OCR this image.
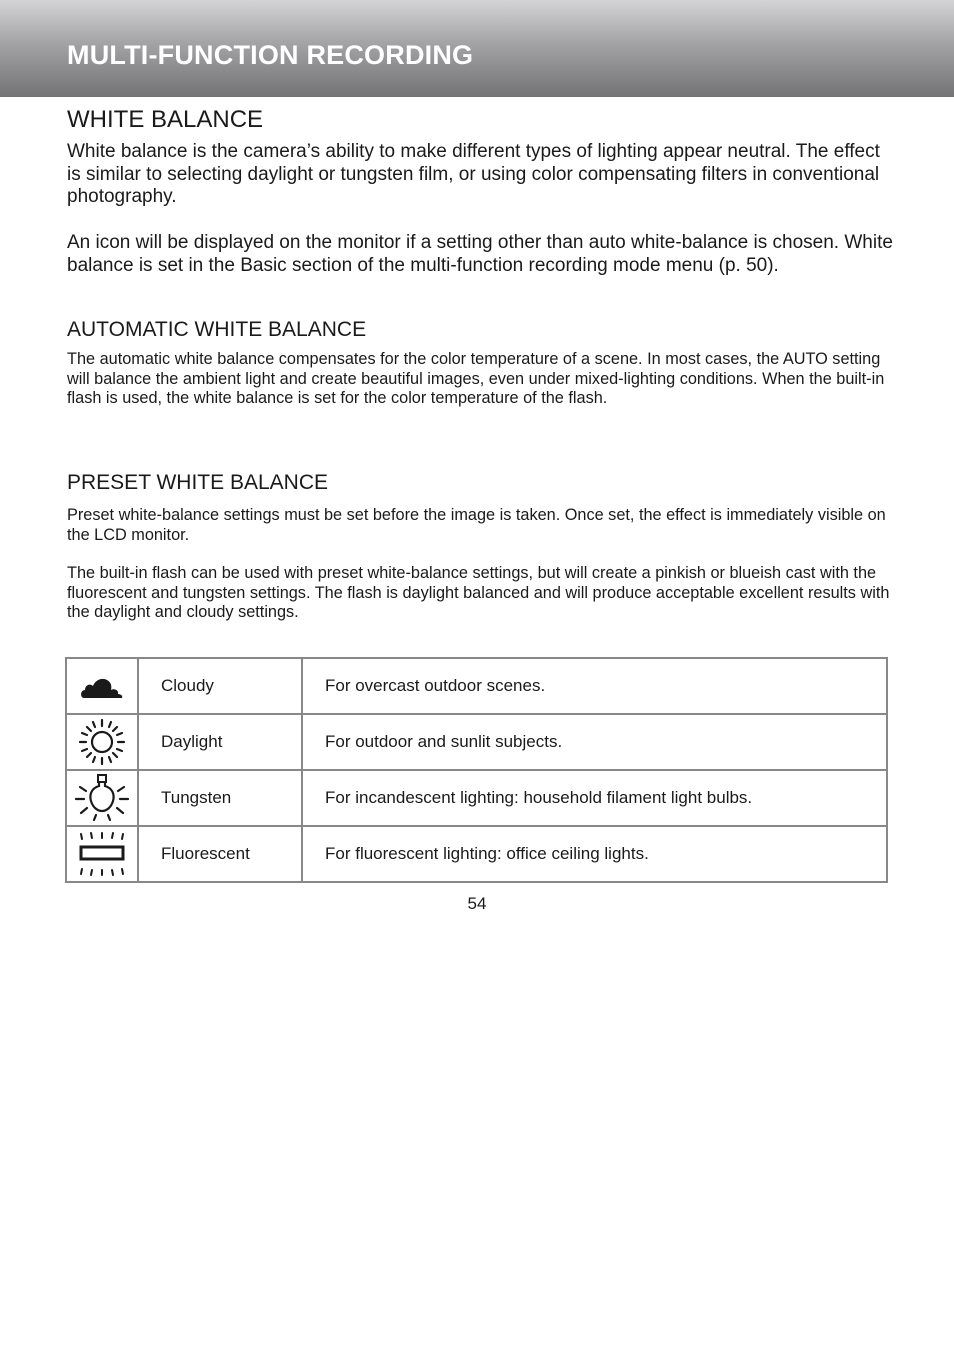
MULTI-FUNCTION RECORDING
WHITE BALANCE

White balance is the camera’s ability to make different types of lighting appear neutral. The effect is similar to selecting daylight or tungsten film, or using color compensating filters in conventional photography.

An icon will be displayed on the monitor if a setting other than auto white-balance is chosen. White balance is set in the Basic section of the multi-function recording mode menu (p. 50).

AUTOMATIC WHITE BALANCE

The automatic white balance compensates for the color temperature of a scene. In most cases, the AUTO setting will balance the ambient light and create beautiful images, even under mixed-lighting conditions. When the built-in flash is used, the white balance is set for the color temperature of the flash.

PRESET WHITE BALANCE

Preset white-balance settings must be set before the image is taken. Once set, the effect is immediately visible on the LCD monitor.

The built-in flash can be used with preset white-balance settings, but will create a pinkish or blueish cast with the fluorescent and tungsten settings. The flash is daylight balanced and will produce acceptable excellent results with the daylight and cloudy settings.

	Cloudy	For overcast outdoor scenes.

	Daylight	For outdoor and sunlit subjects.

	Tungsten	For incandescent lighting: household filament light bulbs.

	Fluorescent	For fluorescent lighting: office ceiling lights.

54
